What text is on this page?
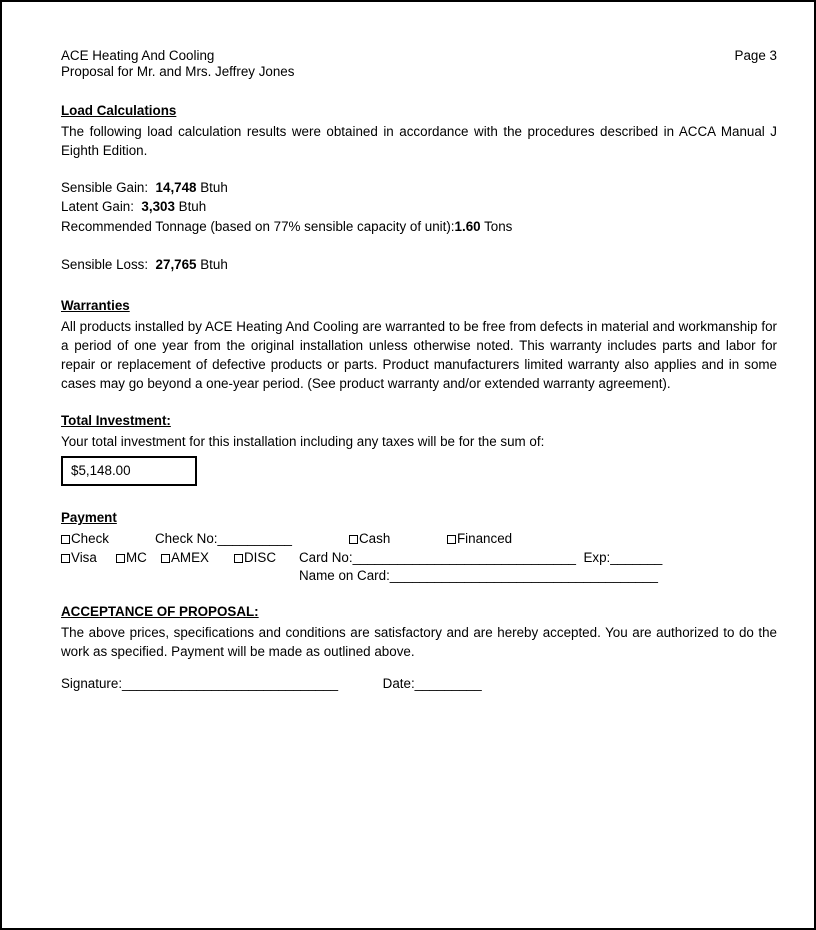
ACE Heating And Cooling

Proposal for Mr. and Mrs. Jeffrey Jones

Page 3
Load Calculations

The following load calculation results were obtained in accordance with the procedures described in ACCA Manual J Eighth Edition.

Sensible Gain:  14,748 Btuh

Latent Gain:  3,303 Btuh

Recommended Tonnage (based on 77% sensible capacity of unit):1.60 Tons

Sensible Loss:  27,765 Btuh

Warranties

All products installed by ACE Heating And Cooling are warranted to be free from defects in material and workmanship for a period of one year from the original installation unless otherwise noted. This warranty includes parts and labor for repair or replacement of defective products or parts. Product manufacturers limited warranty also applies and in some cases may go beyond a one-year period. (See product warranty and/or extended warranty agreement).

Total Investment:

Your total investment for this installation including any taxes will be for the sum of:

$5,148.00
Payment
Check	Check No:__________	Cash	Financed
Visa	MC	AMEX	DISC Card No:______________________________  Exp:_______
Name on Card:____________________________________
ACCEPTANCE OF PROPOSAL:

The above prices, specifications and conditions are satisfactory and are hereby accepted. You are authorized to do the work as specified. Payment will be made as outlined above.

Signature:_____________________________            Date:_________
